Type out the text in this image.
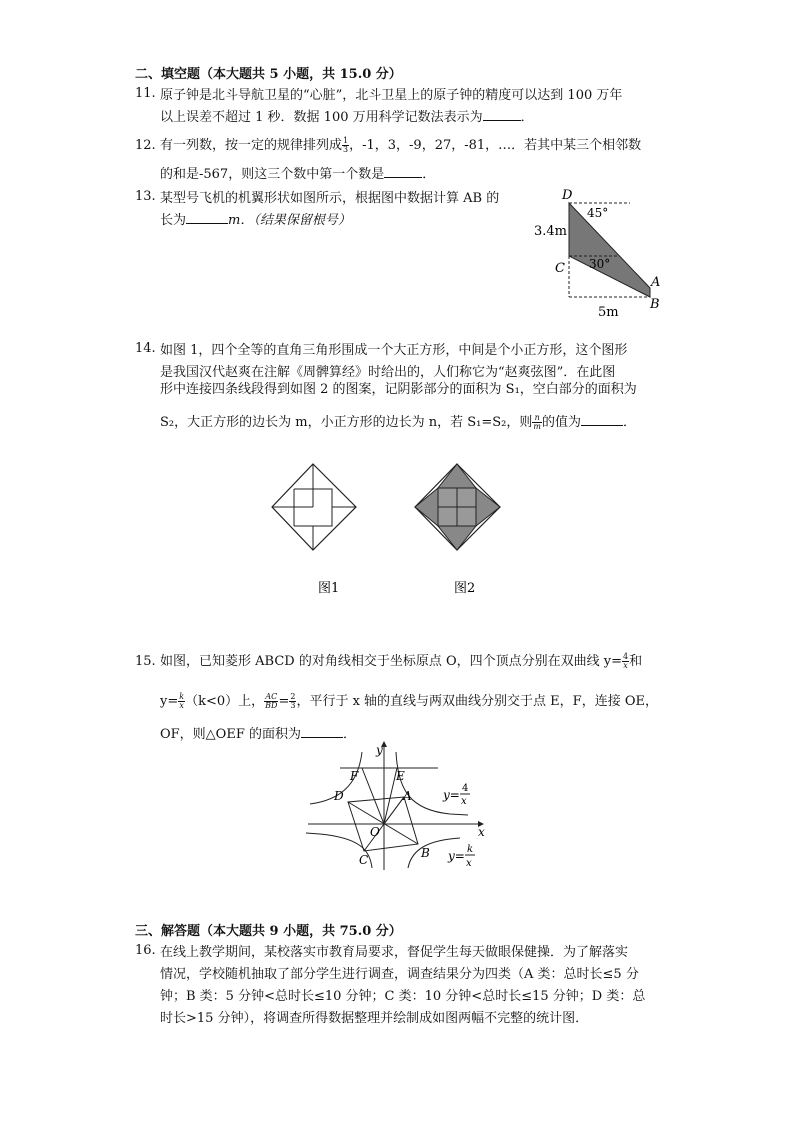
二、填空题（本大题共 5 小题，共 15.0 分）
11. 原子钟是北斗导航卫星的“心脏”，北斗卫星上的原子钟的精度可以达到 100 万年
以上误差不超过 1 秒．数据 100 万用科学记数法表示为	．
12. 有一列数，按一定的规律排列成 $\frac{1}{3}$ ，-1，3，-9，27，-81，…．若其中某三个相邻数
的和是-567，则这三个数中第一个数是	．
13. 某型号飞机的机翼形状如图所示，根据图中数据计算 AB 的
长为	m．（结果保留根号）
D
C
A
B
3.4m
5m
45°
30°
14. 如图 1，四个全等的直角三角形围成一个大正方形，中间是个小正方形，这个图形
是我国汉代赵爽在注解《周髀算经》时给出的，人们称它为“赵爽弦图”．在此图
形中连接四条线段得到如图 2 的图案，记阴影部分的面积为 S₁，空白部分的面积为
S₂，大正方形的边长为 m，小正方形的边长为 n，若 S₁=S₂，则 $\frac{n}{m}$ 的值为	．
图1	图2
15. 如图，已知菱形 ABCD 的对角线相交于坐标原点 O，四个顶点分别在双曲线 $y= \frac{4}{x}$ 和
$y= \frac{k}{x} (k<0)$上， $\frac{AC}{BD} = \frac{2}{3}$ ，平行于 x 轴的直线与两双曲线分别交于点 E，F，连接 OE，
OF，则△OEF 的面积为	．
y
x
O
A
B
C
D
E
F
y= 4
x
y= k
x
三、解答题（本大题共 9 小题，共 75.0 分）
16. 在线上教学期间，某校落实市教育局要求，督促学生每天做眼保健操．为了解落实
情况，学校随机抽取了部分学生进行调查，调查结果分为四类（A 类：总时长≤5 分
钟；B 类：5 分钟<总时长≤10 分钟；C 类：10 分钟<总时长≤15 分钟；D 类：总
时长>15 分钟），将调查所得数据整理并绘制成如图两幅不完整的统计图．
